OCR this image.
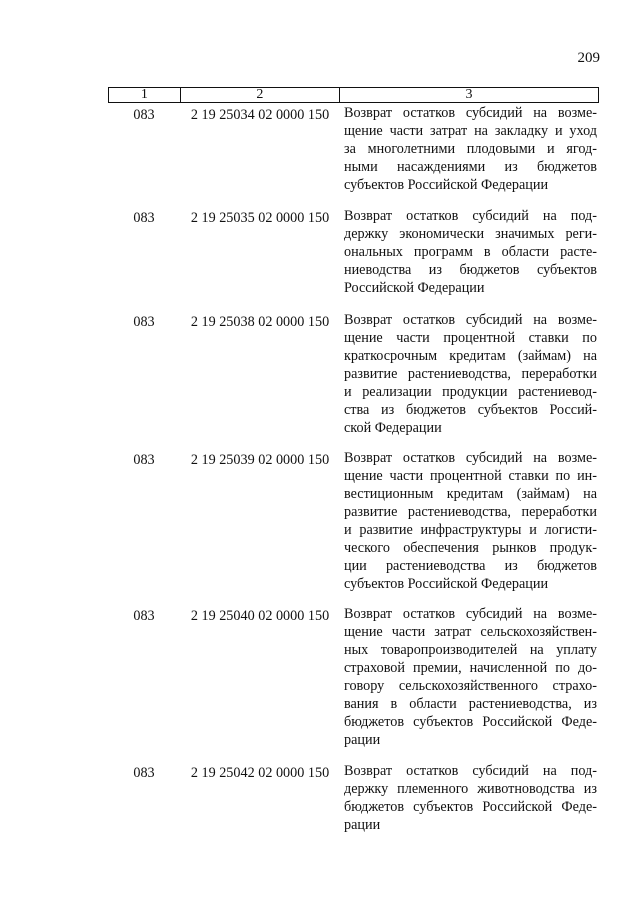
209
1	2	3
083	2 19 25034 02 0000 150	Возврат остатков субсидий на возме-
щение части затрат на закладку и уход
за многолетними плодовыми и ягод-
ными насаждениями из бюджетов
субъектов Российской Федерации
083	2 19 25035 02 0000 150	Возврат остатков субсидий на под-
держку экономически значимых реги-
ональных программ в области расте-
ниеводства из бюджетов субъектов
Российской Федерации
083	2 19 25038 02 0000 150	Возврат остатков субсидий на возме-
щение части процентной ставки по
краткосрочным кредитам (займам) на
развитие растениеводства, переработки
и реализации продукции растениевод-
ства из бюджетов субъектов Россий-
ской Федерации
083	2 19 25039 02 0000 150	Возврат остатков субсидий на возме-
щение части процентной ставки по ин-
вестиционным кредитам (займам) на
развитие растениеводства, переработки
и развитие инфраструктуры и логисти-
ческого обеспечения рынков продук-
ции растениеводства из бюджетов
субъектов Российской Федерации
083	2 19 25040 02 0000 150	Возврат остатков субсидий на возме-
щение части затрат сельскохозяйствен-
ных товаропроизводителей на уплату
страховой премии, начисленной по до-
говору сельскохозяйственного страхо-
вания в области растениеводства, из
бюджетов субъектов Российской Феде-
рации
083	2 19 25042 02 0000 150	Возврат остатков субсидий на под-
держку племенного животноводства из
бюджетов субъектов Российской Феде-
рации
